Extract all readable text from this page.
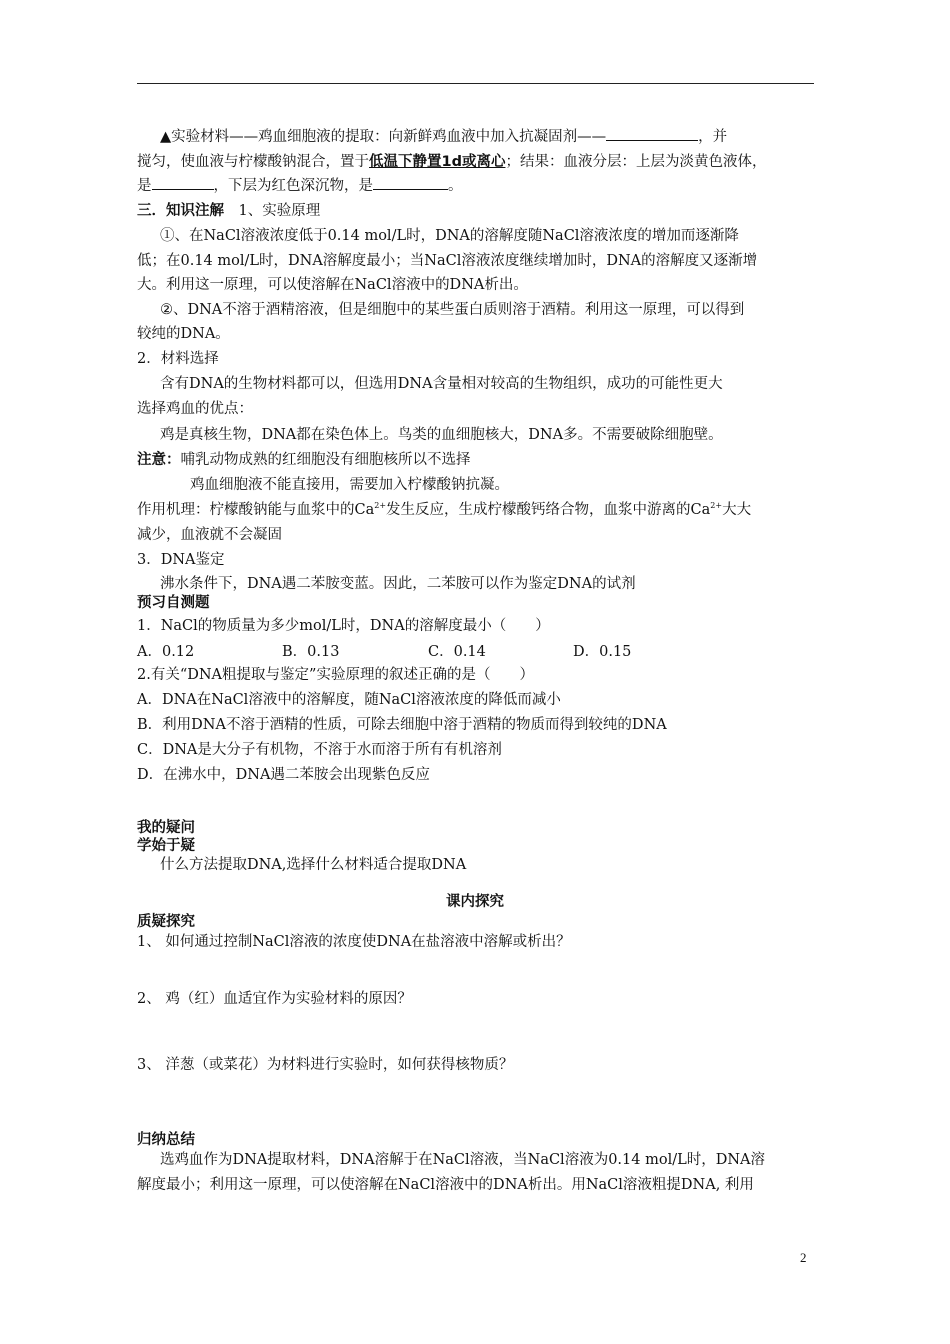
▲实验材料——鸡血细胞液的提取：向新鲜鸡血液中加入抗凝固剂——	，并
搅匀，使血液与柠檬酸钠混合，置于低温下静置1d或离心；结果：血液分层：上层为淡黄色液体，
是	，下层为红色深沉物，是	。
三．知识注解　1、实验原理
①、在NaCl溶液浓度低于0.14 mol/L时，DNA的溶解度随NaCl溶液浓度的增加而逐渐降
低；在0.14 mol/L时，DNA溶解度最小；当NaCl溶液浓度继续增加时，DNA的溶解度又逐渐增
大。利用这一原理，可以使溶解在NaCl溶液中的DNA析出。
②、DNA不溶于酒精溶液，但是细胞中的某些蛋白质则溶于酒精。利用这一原理，可以得到
较纯的DNA。
2．材料选择
含有DNA的生物材料都可以，但选用DNA含量相对较高的生物组织，成功的可能性更大
选择鸡血的优点：
鸡是真核生物，DNA都在染色体上。鸟类的血细胞核大，DNA多。不需要破除细胞壁。
注意：哺乳动物成熟的红细胞没有细胞核所以不选择
鸡血细胞液不能直接用，需要加入柠檬酸钠抗凝。
作用机理：柠檬酸钠能与血浆中的$Ca^{2+}$发生反应，生成柠檬酸钙络合物，血浆中游离的$Ca^{2+}$大大
减少，血液就不会凝固
3．DNA鉴定
沸水条件下，DNA遇二苯胺变蓝。因此，二苯胺可以作为鉴定DNA的试剂
预习自测题
1．NaCl的物质量为多少mol/L时，DNA的溶解度最小（　　）
A．0.12	B．0.13	C．0.14	D．0.15
2.有关“DNA粗提取与鉴定”实验原理的叙述正确的是（　　）
A．DNA在NaCl溶液中的溶解度，随NaCl溶液浓度的降低而减小
B．利用DNA不溶于酒精的性质，可除去细胞中溶于酒精的物质而得到较纯的DNA
C．DNA是大分子有机物，不溶于水而溶于所有有机溶剂
D．在沸水中，DNA遇二苯胺会出现紫色反应
我的疑问
学始于疑
什么方法提取DNA,选择什么材料适合提取DNA
课内探究
质疑探究
1、 如何通过控制NaCl溶液的浓度使DNA在盐溶液中溶解或析出？
2、 鸡（红）血适宜作为实验材料的原因？
3、 洋葱（或菜花）为材料进行实验时，如何获得核物质？
归纳总结
选鸡血作为DNA提取材料，DNA溶解于在NaCl溶液，当NaCl溶液为0.14 mol/L时，DNA溶
解度最小；利用这一原理，可以使溶解在NaCl溶液中的DNA析出。用NaCl溶液粗提DNA, 利用
2
